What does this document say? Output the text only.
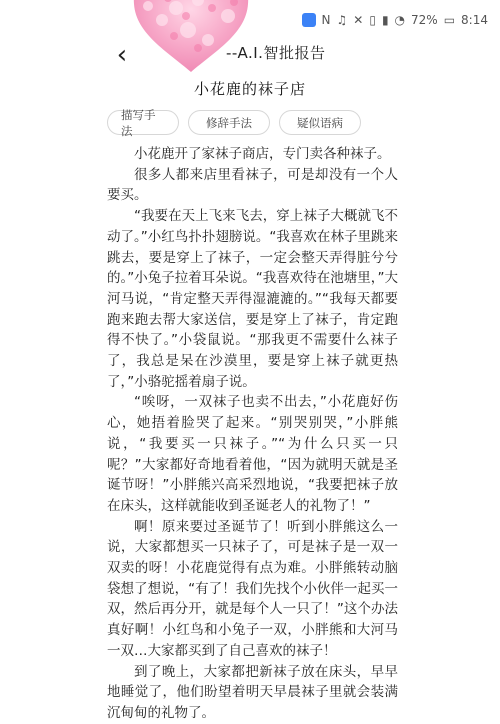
N ♫ ✕ ▯ ▮ ◔ 72% ▭ 8:14
‹	--A.I.智批报告
小花鹿的袜子店
描写手法
修辞手法	疑似语病

小花鹿开了家袜子商店，专门卖各种袜子。

很多人都来店里看袜子，可是却没有一个人要买。

“我要在天上飞来飞去，穿上袜子大概就飞不动了。”小红鸟扑扑翅膀说。“我喜欢在林子里跳来跳去，要是穿上了袜子，一定会整天弄得脏兮兮的。”小兔子拉着耳朵说。“我喜欢待在池塘里，”大河马说，“肯定整天弄得湿漉漉的。”“我每天都要跑来跑去帮大家送信，要是穿上了袜子，肯定跑得不快了。”小袋鼠说。“那我更不需要什么袜子了，我总是呆在沙漠里，要是穿上袜子就更热了，”小骆驼摇着扇子说。

“唉呀，一双袜子也卖不出去，”小花鹿好伤心，她捂着脸哭了起来。“别哭别哭，”小胖熊说，“我要买一只袜子。”“为什么只买一只呢？”大家都好奇地看着他，“因为就明天就是圣诞节呀！”小胖熊兴高采烈地说，“我要把袜子放在床头，这样就能收到圣诞老人的礼物了！”

啊！原来要过圣诞节了！听到小胖熊这么一说，大家都想买一只袜子了，可是袜子是一双一双卖的呀！小花鹿觉得有点为难。小胖熊转动脑袋想了想说，“有了！我们先找个小伙伴一起买一双，然后再分开，就是每个人一只了！”这个办法真好啊！小红鸟和小兔子一双，小胖熊和大河马一双…大家都买到了自己喜欢的袜子！

到了晚上，大家都把新袜子放在床头，早早地睡觉了，他们盼望着明天早晨袜子里就会装满沉甸甸的礼物了。
